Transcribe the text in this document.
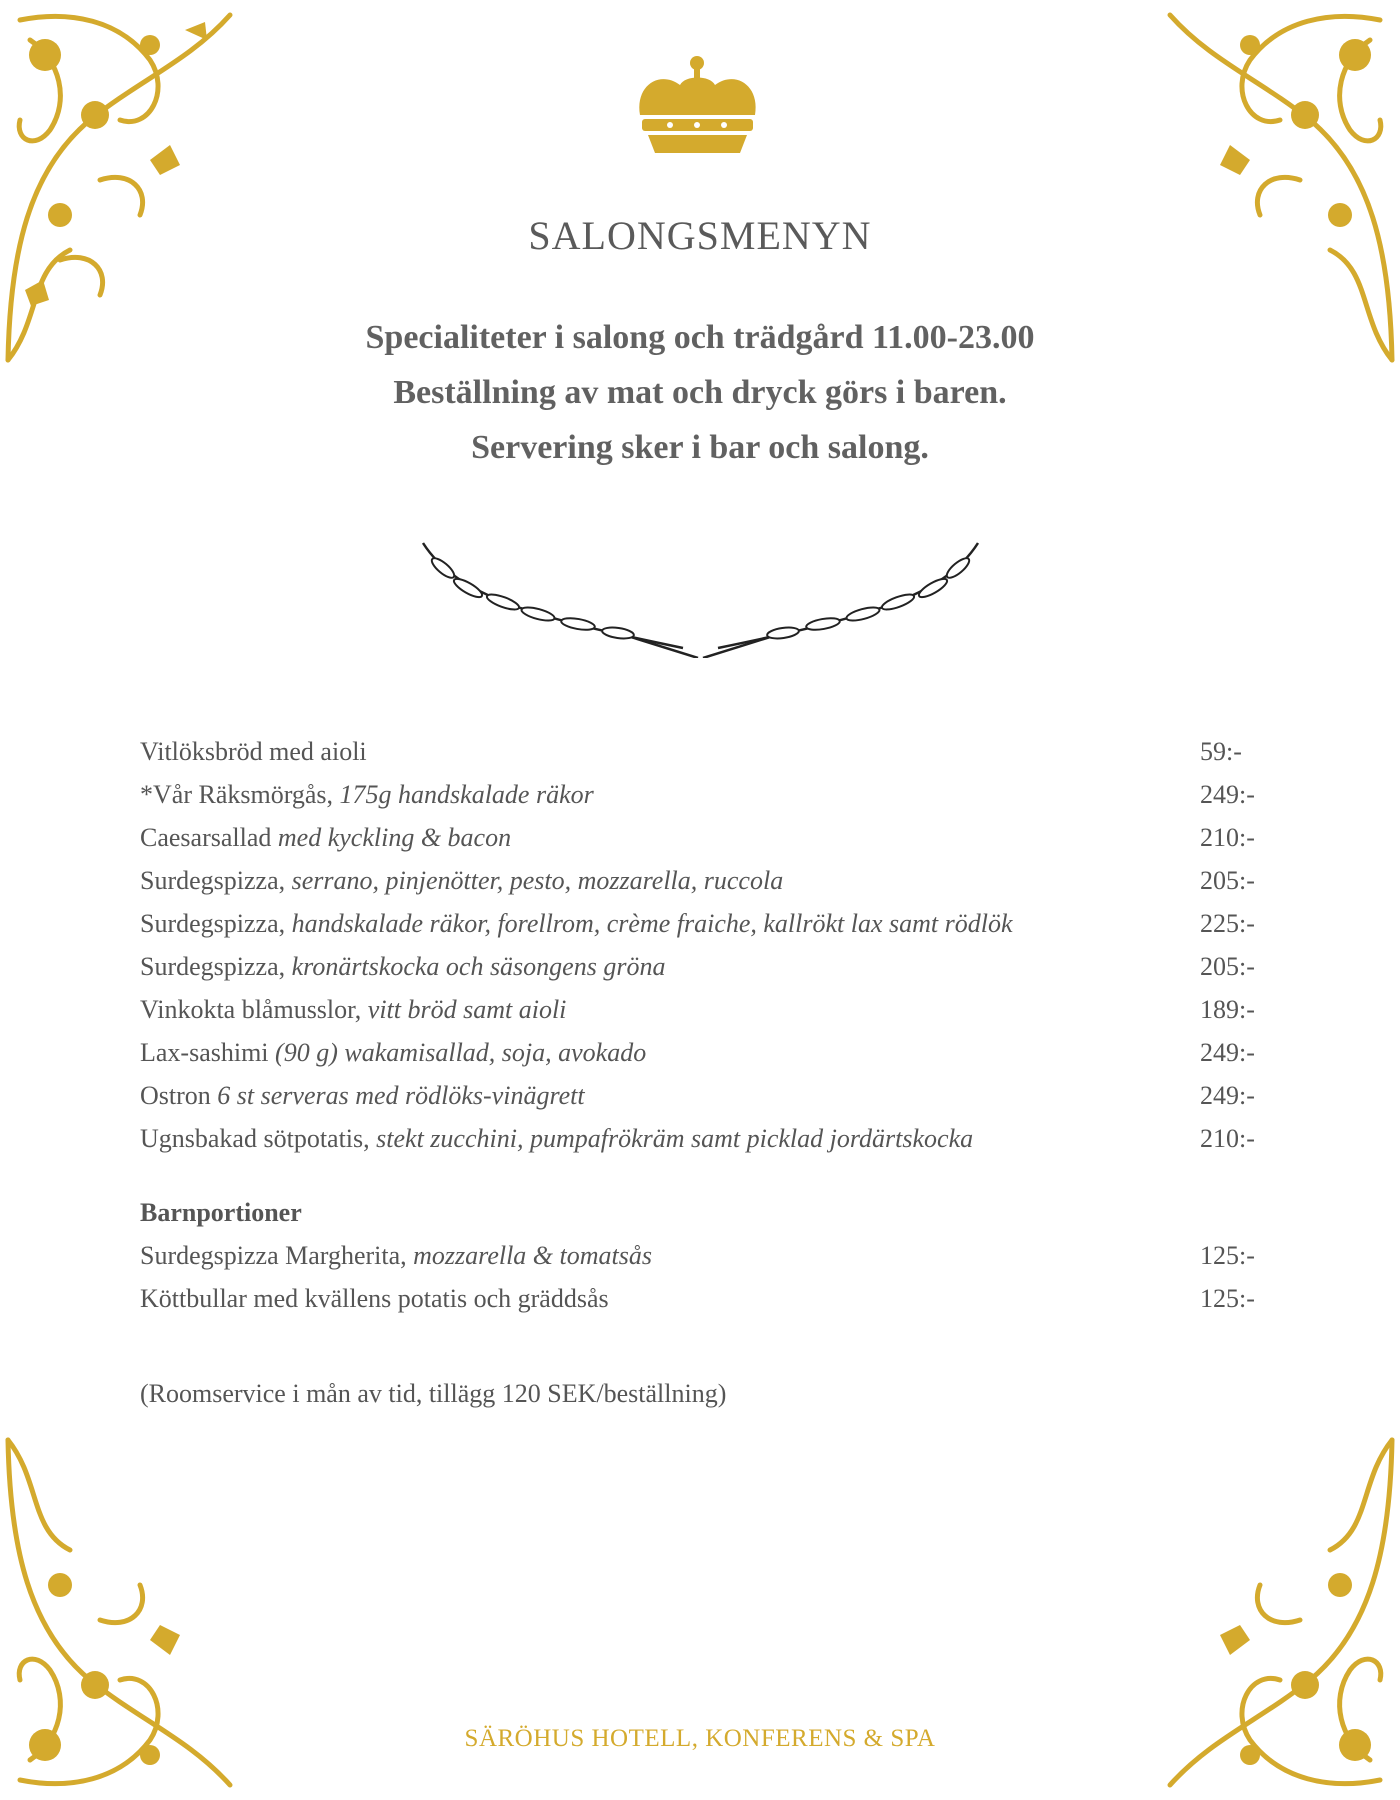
SALONGSMENYN
Specialiteter i salong och trädgård 11.00-23.00
Beställning av mat och dryck görs i baren.
Servering sker i bar och salong.
Vitlöksbröd med aioli	59:-
*Vår Räksmörgås, 175g handskalade räkor	249:-
Caesarsallad med kyckling & bacon	210:-
Surdegspizza, serrano, pinjenötter, pesto, mozzarella, ruccola	205:-
Surdegspizza, handskalade räkor, forellrom, crème fraiche, kallrökt lax samt rödlök	225:-
Surdegspizza, kronärtskocka och säsongens gröna	205:-
Vinkokta blåmusslor, vitt bröd samt aioli	189:-
Lax-sashimi (90 g) wakamisallad, soja, avokado	249:-
Ostron 6 st serveras med rödlöks-vinägrett	249:-
Ugnsbakad sötpotatis, stekt zucchini, pumpafrökräm samt picklad jordärtskocka	210:-
Barnportioner
Surdegspizza Margherita, mozzarella & tomatsås	125:-
Köttbullar med kvällens potatis och gräddsås	125:-
(Roomservice i mån av tid, tillägg 120 SEK/beställning)
SÄRÖHUS HOTELL, KONFERENS & SPA
